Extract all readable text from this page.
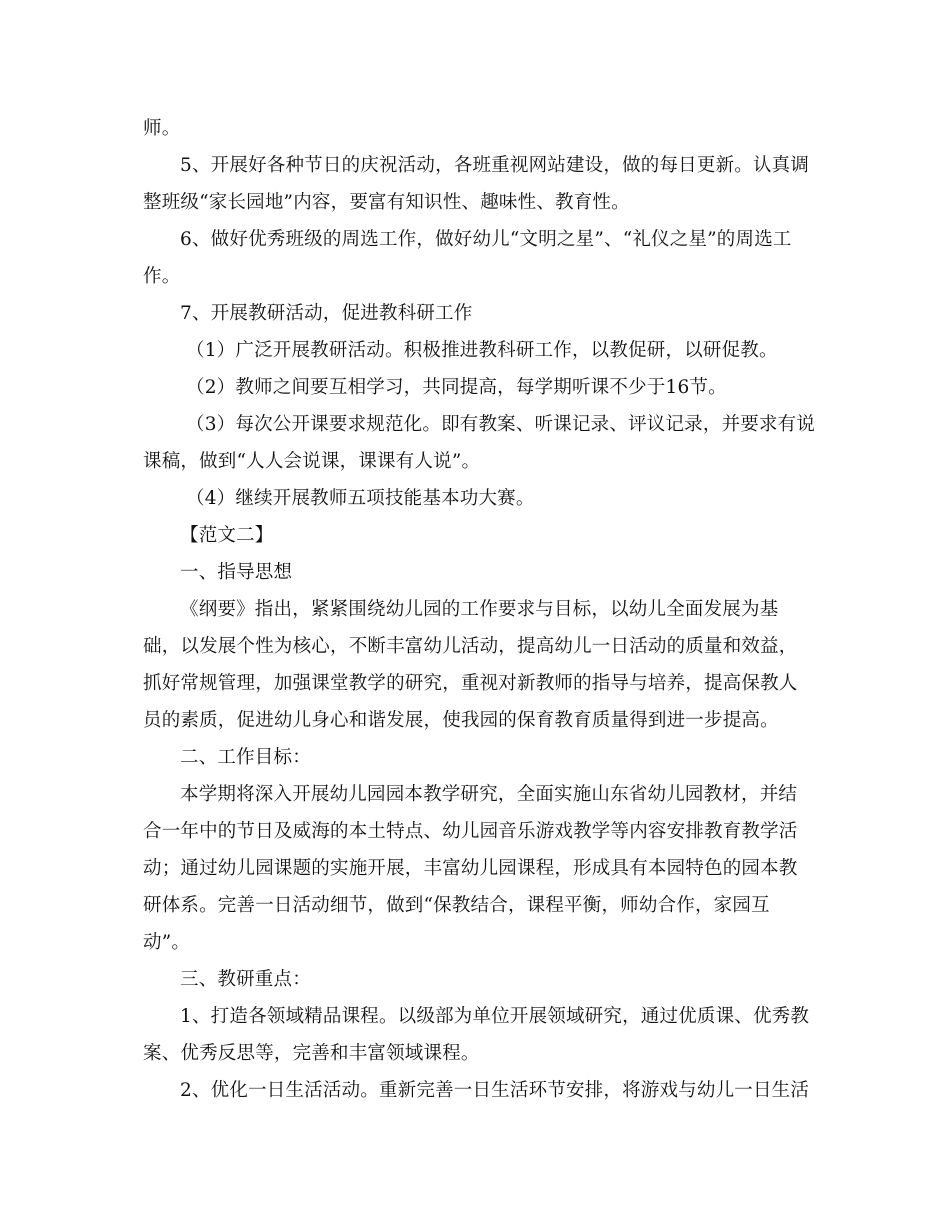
师。
5、开展好各种节日的庆祝活动，各班重视网站建设，做的每日更新。认真调
整班级“家长园地”内容，要富有知识性、趣味性、教育性。
6、做好优秀班级的周选工作，做好幼儿“文明之星”、“礼仪之星”的周选工
作。
7、开展教研活动，促进教科研工作
（1）广泛开展教研活动。积极推进教科研工作，以教促研，以研促教。
（2）教师之间要互相学习，共同提高，每学期听课不少于16节。
（3）每次公开课要求规范化。即有教案、听课记录、评议记录，并要求有说
课稿，做到“人人会说课，课课有人说”。
（4）继续开展教师五项技能基本功大赛。
【范文二】
一、指导思想
《纲要》指出，紧紧围绕幼儿园的工作要求与目标，以幼儿全面发展为基
础，以发展个性为核心，不断丰富幼儿活动，提高幼儿一日活动的质量和效益，
抓好常规管理，加强课堂教学的研究，重视对新教师的指导与培养，提高保教人
员的素质，促进幼儿身心和谐发展，使我园的保育教育质量得到进一步提高。
二、工作目标：
本学期将深入开展幼儿园园本教学研究，全面实施山东省幼儿园教材，并结
合一年中的节日及威海的本土特点、幼儿园音乐游戏教学等内容安排教育教学活
动；通过幼儿园课题的实施开展，丰富幼儿园课程，形成具有本园特色的园本教
研体系。完善一日活动细节，做到“保教结合，课程平衡，师幼合作，家园互
动”。
三、教研重点：
1、打造各领域精品课程。以级部为单位开展领域研究，通过优质课、优秀教
案、优秀反思等，完善和丰富领域课程。
2、优化一日生活活动。重新完善一日生活环节安排，将游戏与幼儿一日生活
